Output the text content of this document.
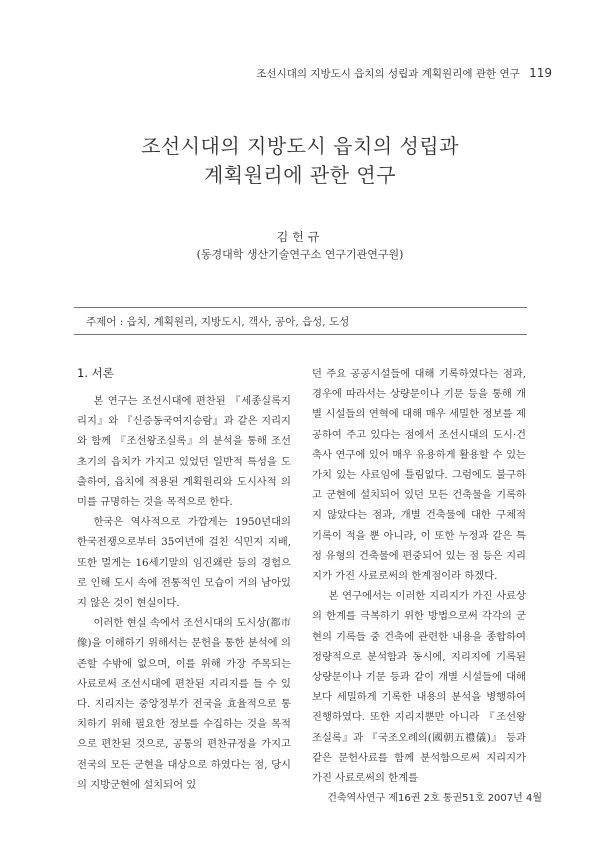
조선시대의 지방도시 읍치의 성립과 계획원리에 관한 연구 119
조선시대의 지방도시 읍치의 성립과
계획원리에 관한 연구
김헌규
(동경대학 생산기술연구소 연구기관연구원)
주제어 : 읍치, 계획원리, 지방도시, 객사, 공아, 읍성, 도성
1. 서론

본 연구는 조선시대에 편찬된 『세종실록지리지』와 『신증동국여지승람』과 같은 지리지와 함께 『조선왕조실록』의 분석을 통해 조선초기의 읍치가 가지고 있었던 일반적 특성을 도출하여, 읍치에 적용된 계획원리와 도시사적 의미를 규명하는 것을 목적으로 한다.

한국은 역사적으로 가깝게는 1950년대의 한국전쟁으로부터 35여년에 걸친 식민지 지배, 또한 멀게는 16세기말의 임진왜란 등의 경험으로 인해 도시 속에 전통적인 모습이 거의 남아있지 않은 것이 현실이다.

이러한 현실 속에서 조선시대의 도시상(都市像)을 이해하기 위해서는 문헌을 통한 분석에 의존할 수밖에 없으며, 이를 위해 가장 주목되는 사료로써 조선시대에 편찬된 지리지를 들 수 있다. 지리지는 중앙정부가 전국을 효율적으로 통치하기 위해 필요한 정보를 수집하는 것을 목적으로 편찬된 것으로, 공통의 편찬규정을 가지고 전국의 모든 군현을 대상으로 하였다는 점, 당시의 지방군현에 설치되어 있

던 주요 공공시설들에 대해 기록하였다는 점과, 경우에 따라서는 상량문이나 기문 등을 통해 개별 시설들의 연혁에 대해 매우 세밀한 정보를 제공하여 주고 있다는 점에서 조선시대의 도시·건축사 연구에 있어 매우 유용하게 활용할 수 있는 가치 있는 사료임에 틀림없다. 그럼에도 불구하고 군현에 설치되어 있던 모든 건축물을 기록하지 않았다는 점과, 개별 건축물에 대한 구체적 기록이 적을 뿐 아니라, 이 또한 누정과 같은 특정 유형의 건축물에 편중되어 있는 점 등은 지리지가 가진 사료로써의 한계점이라 하겠다.

본 연구에서는 이러한 지리지가 가진 사료상의 한계를 극복하기 위한 방법으로써 각각의 군현의 기록들 중 건축에 관련한 내용을 종합하여 정량적으로 분석함과 동시에, 지리지에 기록된 상량문이나 기문 등과 같이 개별 시설들에 대해 보다 세밀하게 기록한 내용의 분석을 병행하여 진행하였다. 또한 지리지뿐만 아니라 『조선왕조실록』과 『국조오례의(國朝五禮儀)』 등과 같은 문헌사료를 함께 분석함으로써 지리지가 가진 사료로써의 한계를

건축역사연구 제16권 2호 통권51호 2007년 4월
